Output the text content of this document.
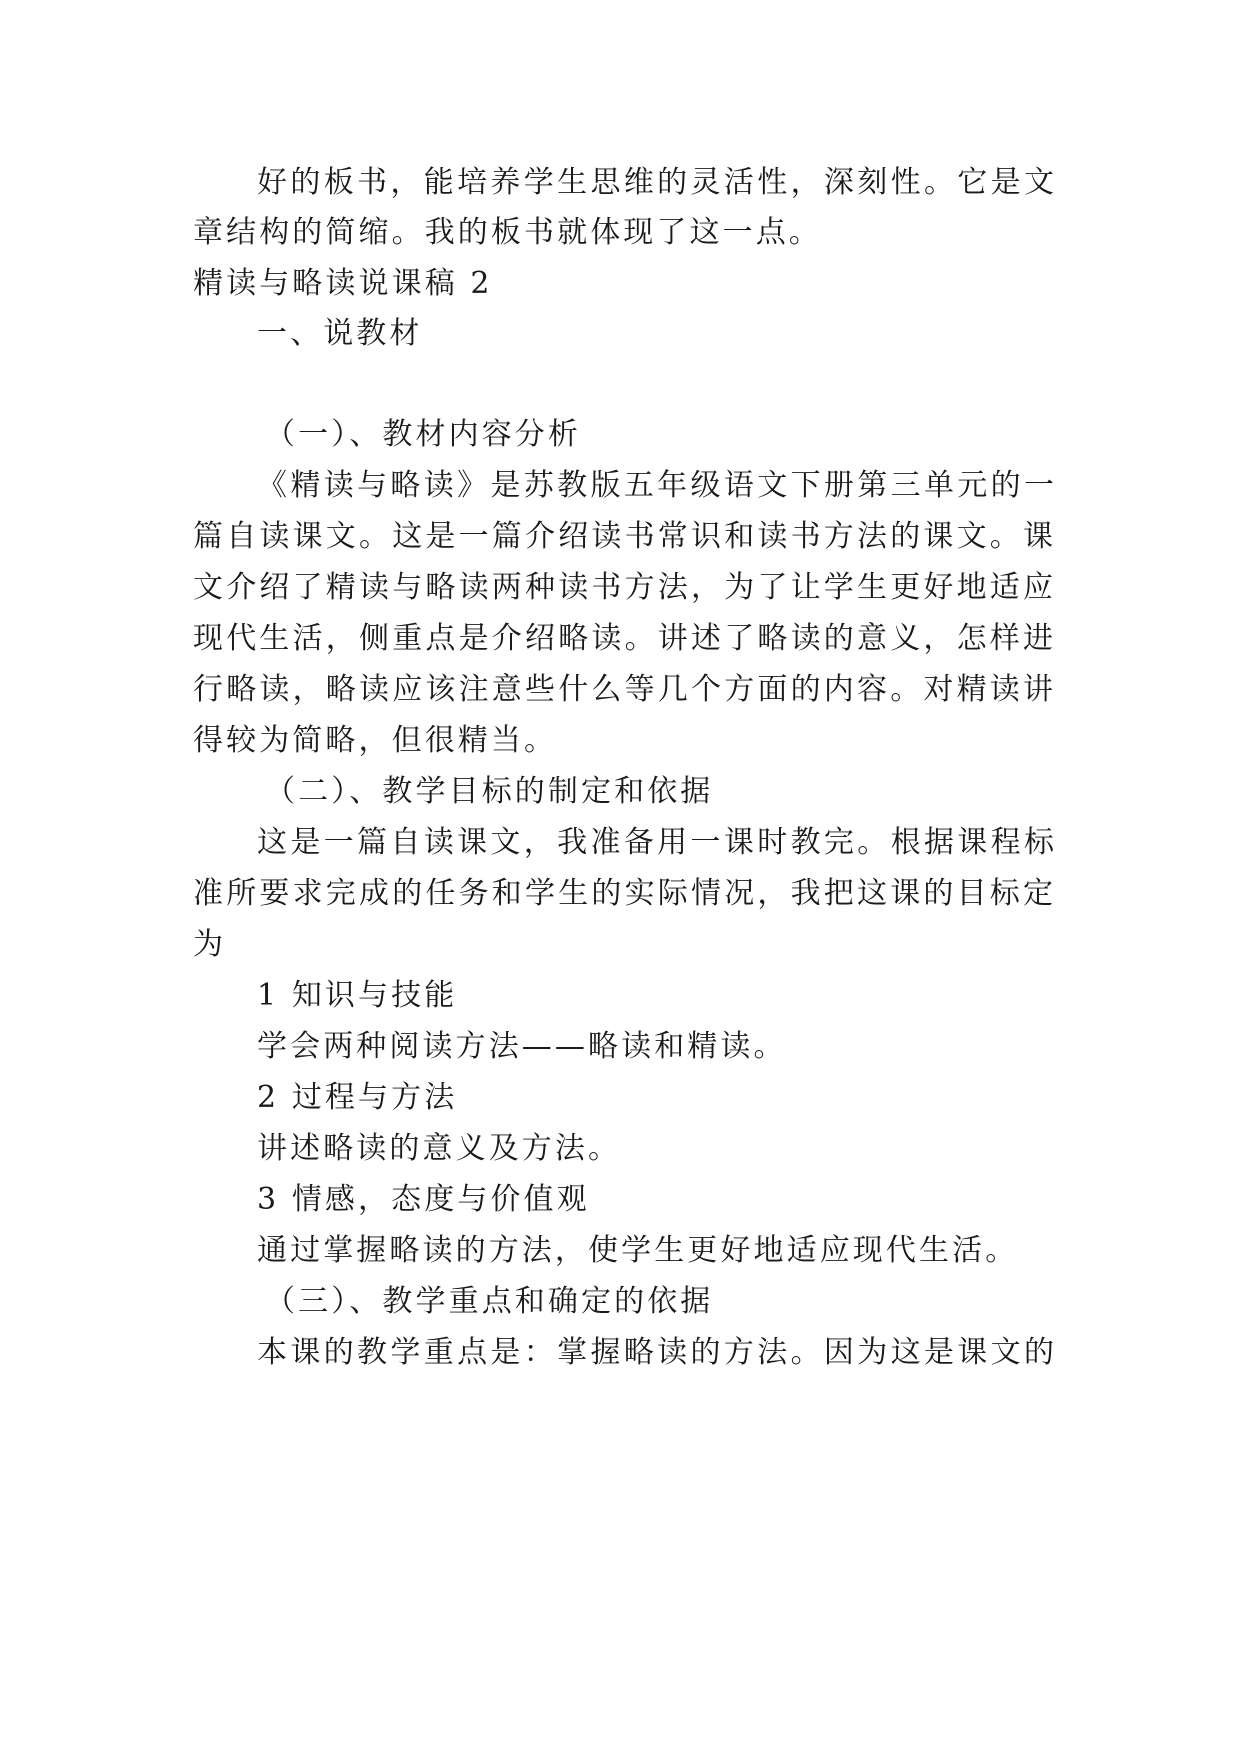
好的板书，能培养学生思维的灵活性，深刻性。它是文
章结构的简缩。我的板书就体现了这一点。
精读与略读说课稿 2
一、说教材
（一）、教材内容分析
《精读与略读》是苏教版五年级语文下册第三单元的一
篇自读课文。这是一篇介绍读书常识和读书方法的课文。课
文介绍了精读与略读两种读书方法，为了让学生更好地适应
现代生活，侧重点是介绍略读。讲述了略读的意义，怎样进
行略读，略读应该注意些什么等几个方面的内容。对精读讲
得较为简略，但很精当。
（二）、教学目标的制定和依据
这是一篇自读课文，我准备用一课时教完。根据课程标
准所要求完成的任务和学生的实际情况，我把这课的目标定
为
1 知识与技能
学会两种阅读方法——略读和精读。
2 过程与方法
讲述略读的意义及方法。
3 情感，态度与价值观
通过掌握略读的方法，使学生更好地适应现代生活。
（三）、教学重点和确定的依据
本课的教学重点是：掌握略读的方法。因为这是课文的
